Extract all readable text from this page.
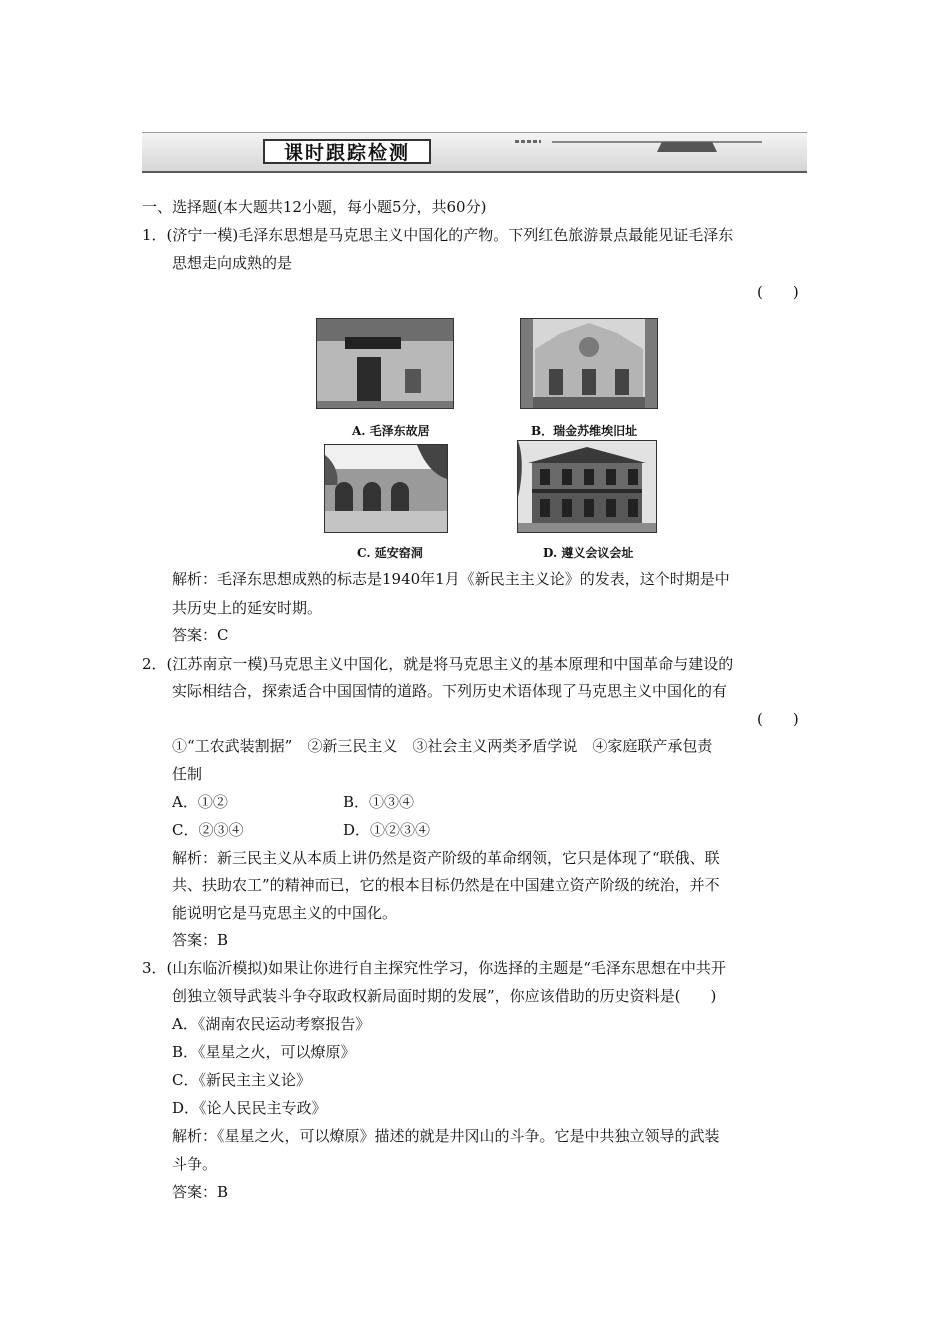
课时跟踪检测
一、选择题(本大题共12小题，每小题5分，共60分)
1．(济宁一模)毛泽东思想是马克思主义中国化的产物。下列红色旅游景点最能见证毛泽东
思想走向成熟的是
(　　)
A. 毛泽东故居	B．瑞金苏维埃旧址
C. 延安窑洞	D. 遵义会议会址
解析：毛泽东思想成熟的标志是1940年1月《新民主主义论》的发表，这个时期是中
共历史上的延安时期。
答案：C
2．(江苏南京一模)马克思主义中国化，就是将马克思主义的基本原理和中国革命与建设的
实际相结合，探索适合中国国情的道路。下列历史术语体现了马克思主义中国化的有
(　　)
①“工农武装割据”　②新三民主义　③社会主义两类矛盾学说　④家庭联产承包责
任制
A．①②	B．①③④
C．②③④	D．①②③④
解析：新三民主义从本质上讲仍然是资产阶级的革命纲领，它只是体现了“联俄、联
共、扶助农工”的精神而已，它的根本目标仍然是在中国建立资产阶级的统治，并不
能说明它是马克思主义的中国化。
答案：B
3．(山东临沂模拟)如果让你进行自主探究性学习，你选择的主题是“毛泽东思想在中共开
创独立领导武装斗争夺取政权新局面时期的发展”，你应该借助的历史资料是(　　)
A．《湖南农民运动考察报告》
B．《星星之火，可以燎原》
C．《新民主主义论》
D．《论人民民主专政》
解析：《星星之火，可以燎原》描述的就是井冈山的斗争。它是中共独立领导的武装
斗争。
答案：B
